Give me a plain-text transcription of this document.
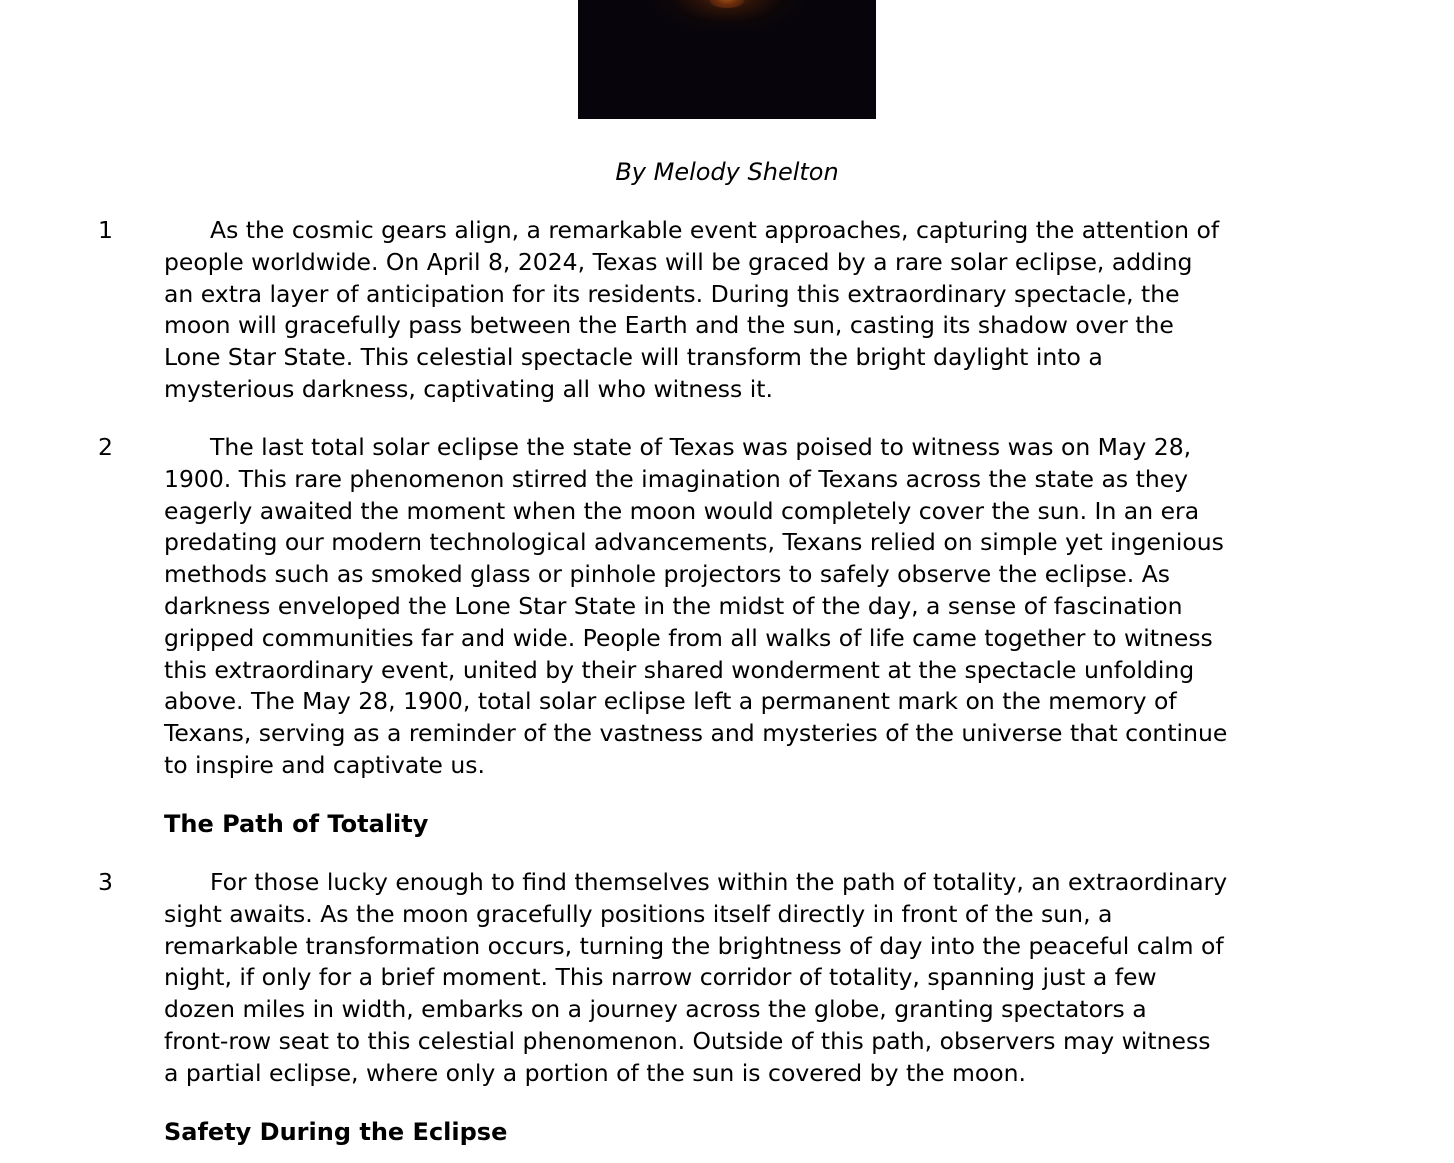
By Melody Shelton
1	As the cosmic gears align, a remarkable event approaches, capturing the attention of
people worldwide. On April 8, 2024, Texas will be graced by a rare solar eclipse, adding
an extra layer of anticipation for its residents. During this extraordinary spectacle, the
moon will gracefully pass between the Earth and the sun, casting its shadow over the
Lone Star State. This celestial spectacle will transform the bright daylight into a
mysterious darkness, captivating all who witness it.

2	The last total solar eclipse the state of Texas was poised to witness was on May 28,
1900. This rare phenomenon stirred the imagination of Texans across the state as they
eagerly awaited the moment when the moon would completely cover the sun. In an era
predating our modern technological advancements, Texans relied on simple yet ingenious
methods such as smoked glass or pinhole projectors to safely observe the eclipse. As
darkness enveloped the Lone Star State in the midst of the day, a sense of fascination
gripped communities far and wide. People from all walks of life came together to witness
this extraordinary event, united by their shared wonderment at the spectacle unfolding
above. The May 28, 1900, total solar eclipse left a permanent mark on the memory of
Texans, serving as a reminder of the vastness and mysteries of the universe that continue
to inspire and captivate us.

The Path of Totality
3	For those lucky enough to find themselves within the path of totality, an extraordinary
sight awaits. As the moon gracefully positions itself directly in front of the sun, a
remarkable transformation occurs, turning the brightness of day into the peaceful calm of
night, if only for a brief moment. This narrow corridor of totality, spanning just a few
dozen miles in width, embarks on a journey across the globe, granting spectators a
front-row seat to this celestial phenomenon. Outside of this path, observers may witness
a partial eclipse, where only a portion of the sun is covered by the moon.

Safety During the Eclipse
